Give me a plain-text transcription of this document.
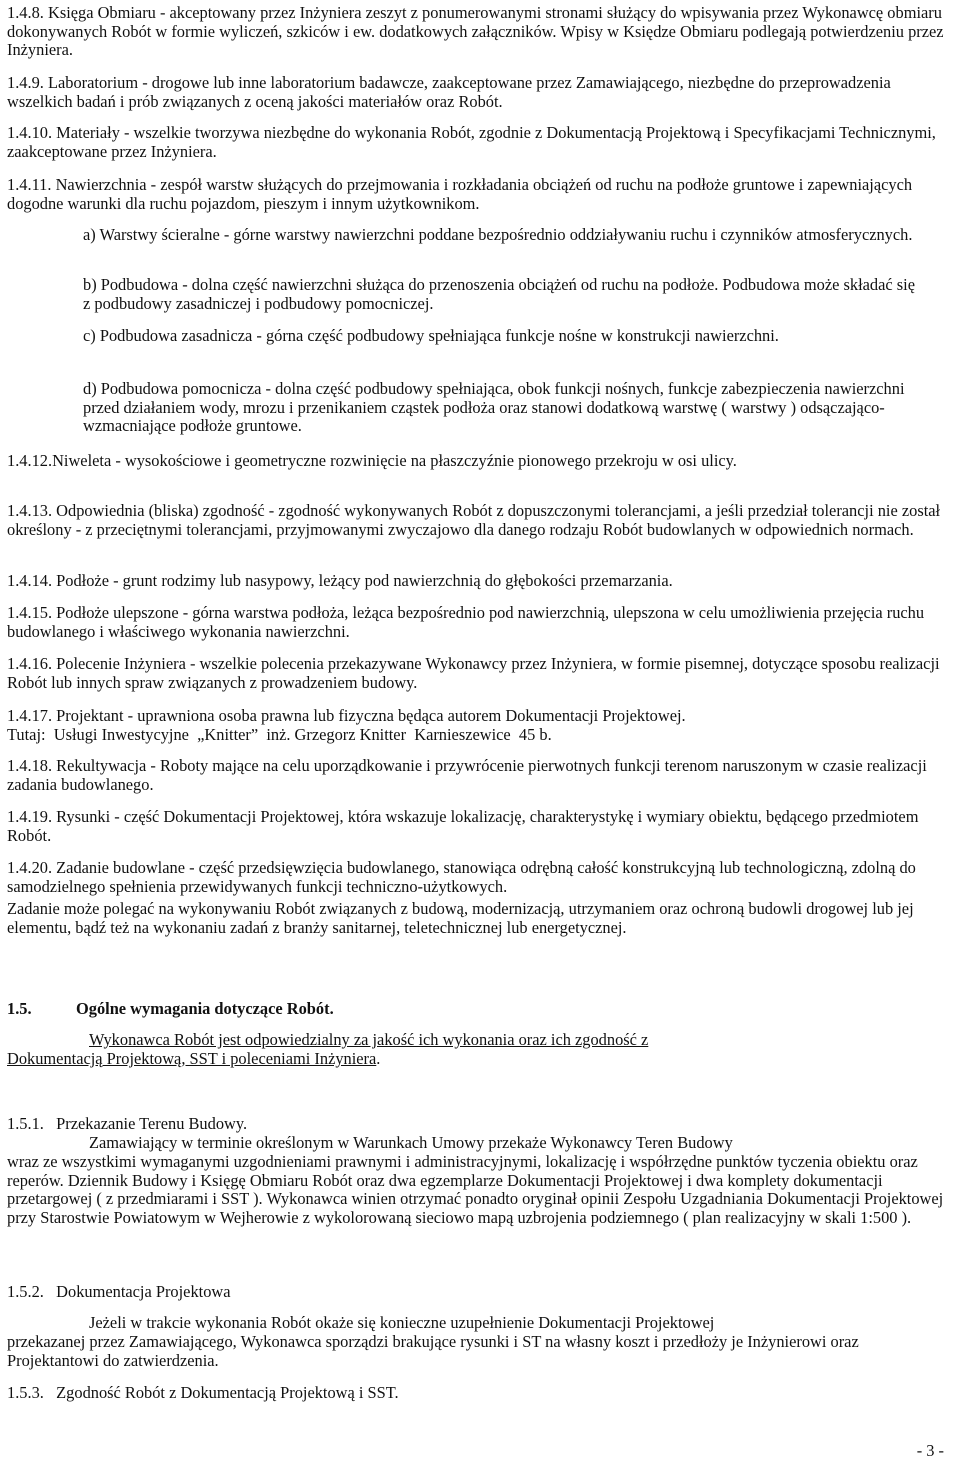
1.4.8. Księga Obmiaru - akceptowany przez Inżyniera zeszyt z ponumerowanymi stronami służący do wpisywania przez Wykonawcę obmiaru dokonywanych Robót w formie wyliczeń, szkiców i ew. dodatkowych załączników. Wpisy w Księdze Obmiaru podlegają potwierdzeniu przez Inżyniera.

1.4.9. Laboratorium - drogowe lub inne laboratorium badawcze, zaakceptowane przez Zamawiającego, niezbędne do przeprowadzenia wszelkich badań i prób związanych z oceną jakości materiałów oraz Robót.

1.4.10. Materiały - wszelkie tworzywa niezbędne do wykonania Robót, zgodnie z Dokumentacją Projektową i Specyfikacjami Technicznymi, zaakceptowane przez Inżyniera.

1.4.11. Nawierzchnia - zespół warstw służących do przejmowania i rozkładania obciążeń od ruchu na podłoże gruntowe i zapewniających dogodne warunki dla ruchu pojazdom, pieszym i innym użytkownikom.

a) Warstwy ścieralne - górne warstwy nawierzchni poddane bezpośrednio oddziaływaniu ruchu i czynników atmosferycznych.

b) Podbudowa - dolna część nawierzchni służąca do przenoszenia obciążeń od ruchu na podłoże. Podbudowa może składać się z podbudowy zasadniczej i podbudowy pomocniczej.

c) Podbudowa zasadnicza - górna część podbudowy spełniająca funkcje nośne w konstrukcji nawierzchni.

d) Podbudowa pomocnicza - dolna część podbudowy spełniająca, obok funkcji nośnych, funkcje zabezpieczenia nawierzchni przed działaniem wody, mrozu i przenikaniem cząstek podłoża oraz stanowi dodatkową warstwę ( warstwy ) odsączająco-wzmacniające podłoże gruntowe.

1.4.12.Niweleta - wysokościowe i geometryczne rozwinięcie na płaszczyźnie pionowego przekroju w osi ulicy.

1.4.13. Odpowiednia (bliska) zgodność - zgodność wykonywanych Robót z dopuszczonymi tolerancjami, a jeśli przedział tolerancji nie został określony - z przeciętnymi tolerancjami, przyjmowanymi zwyczajowo dla danego rodzaju Robót budowlanych w odpowiednich normach.

1.4.14. Podłoże - grunt rodzimy lub nasypowy, leżący pod nawierzchnią do głębokości przemarzania.

1.4.15. Podłoże ulepszone - górna warstwa podłoża, leżąca bezpośrednio pod nawierzchnią, ulepszona w celu umożliwienia przejęcia ruchu budowlanego i właściwego wykonania nawierzchni.

1.4.16. Polecenie Inżyniera - wszelkie polecenia przekazywane Wykonawcy przez Inżyniera, w formie pisemnej, dotyczące sposobu realizacji Robót lub innych spraw związanych z prowadzeniem budowy.

1.4.17. Projektant - uprawniona osoba prawna lub fizyczna będąca autorem Dokumentacji Projektowej.

Tutaj:  Usługi Inwestycyjne  „Knitter”  inż. Grzegorz Knitter  Karnieszewice  45 b.

1.4.18. Rekultywacja - Roboty mające na celu uporządkowanie i przywrócenie pierwotnych funkcji terenom naruszonym w czasie realizacji zadania budowlanego.

1.4.19. Rysunki - część Dokumentacji Projektowej, która wskazuje lokalizację, charakterystykę i wymiary obiektu, będącego przedmiotem Robót.

1.4.20. Zadanie budowlane - część przedsięwzięcia budowlanego, stanowiąca odrębną całość konstrukcyjną lub technologiczną, zdolną do samodzielnego spełnienia przewidywanych funkcji techniczno-użytkowych.

Zadanie może polegać na wykonywaniu Robót związanych z budową, modernizacją, utrzymaniem oraz ochroną budowli drogowej lub jej elementu, bądź też na wykonaniu zadań z branży sanitarnej, teletechnicznej lub energetycznej.

1.5.	Ogólne wymagania dotyczące Robót.

Wykonawca Robót jest odpowiedzialny za jakość ich wykonania oraz ich zgodność z

Dokumentacją Projektową, SST i poleceniami Inżyniera.

1.5.1.   Przekazanie Terenu Budowy.

Zamawiający w terminie określonym w Warunkach Umowy przekaże Wykonawcy Teren Budowy

wraz ze wszystkimi wymaganymi uzgodnieniami prawnymi i administracyjnymi, lokalizację i współrzędne punktów tyczenia obiektu oraz reperów. Dziennik Budowy i Księgę Obmiaru Robót oraz dwa egzemplarze Dokumentacji Projektowej i dwa komplety dokumentacji przetargowej ( z przedmiarami i SST ). Wykonawca winien otrzymać ponadto oryginał opinii Zespołu Uzgadniania Dokumentacji Projektowej przy Starostwie Powiatowym w Wejherowie z wykolorowaną sieciowo mapą uzbrojenia podziemnego ( plan realizacyjny w skali 1:500 ).

1.5.2.   Dokumentacja Projektowa

Jeżeli w trakcie wykonania Robót okaże się konieczne uzupełnienie Dokumentacji Projektowej

przekazanej przez Zamawiającego, Wykonawca sporządzi brakujące rysunki i ST na własny koszt i przedłoży je Inżynierowi oraz Projektantowi do zatwierdzenia.

1.5.3.   Zgodność Robót z Dokumentacją Projektową i SST.
- 3 -
